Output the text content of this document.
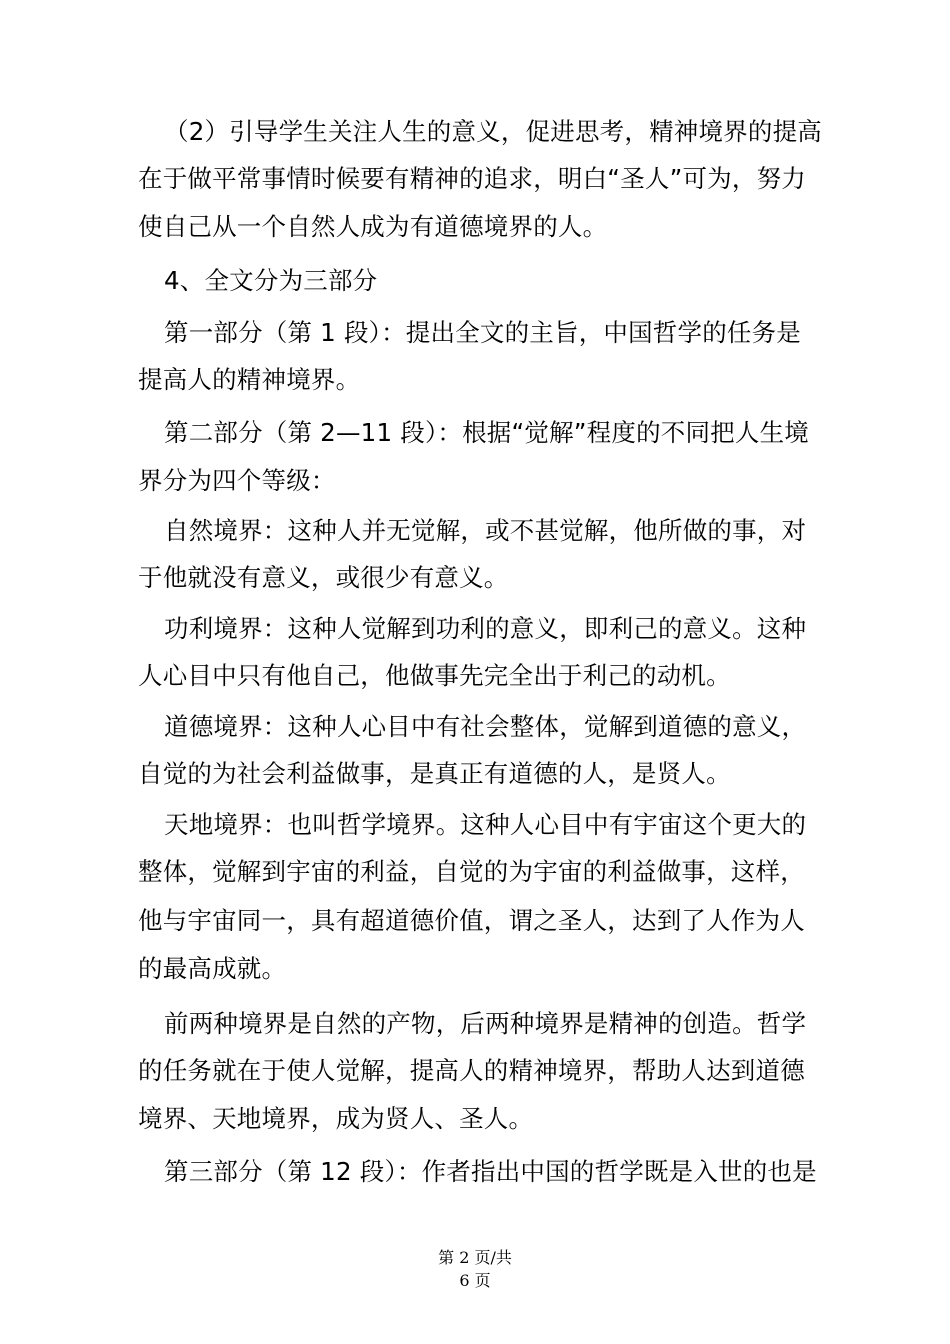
（2）引导学生关注人生的意义，促进思考，精神境界的提高
在于做平常事情时候要有精神的追求，明白“圣人”可为，努力
使自己从一个自然人成为有道德境界的人。
4、全文分为三部分
第一部分（第 1 段）：提出全文的主旨，中国哲学的任务是
提高人的精神境界。
第二部分（第 2—11 段）：根据“觉解”程度的不同把人生境
界分为四个等级：
自然境界：这种人并无觉解，或不甚觉解，他所做的事，对
于他就没有意义，或很少有意义。
功利境界：这种人觉解到功利的意义，即利己的意义。这种
人心目中只有他自己，他做事先完全出于利己的动机。
道德境界：这种人心目中有社会整体，觉解到道德的意义，
自觉的为社会利益做事，是真正有道德的人，是贤人。
天地境界：也叫哲学境界。这种人心目中有宇宙这个更大的
整体，觉解到宇宙的利益，自觉的为宇宙的利益做事，这样，
他与宇宙同一，具有超道德价值，谓之圣人，达到了人作为人
的最高成就。
前两种境界是自然的产物，后两种境界是精神的创造。哲学
的任务就在于使人觉解，提高人的精神境界，帮助人达到道德
境界、天地境界，成为贤人、圣人。
第三部分（第 12 段）：作者指出中国的哲学既是入世的也是
第 2 页/共
6 页
